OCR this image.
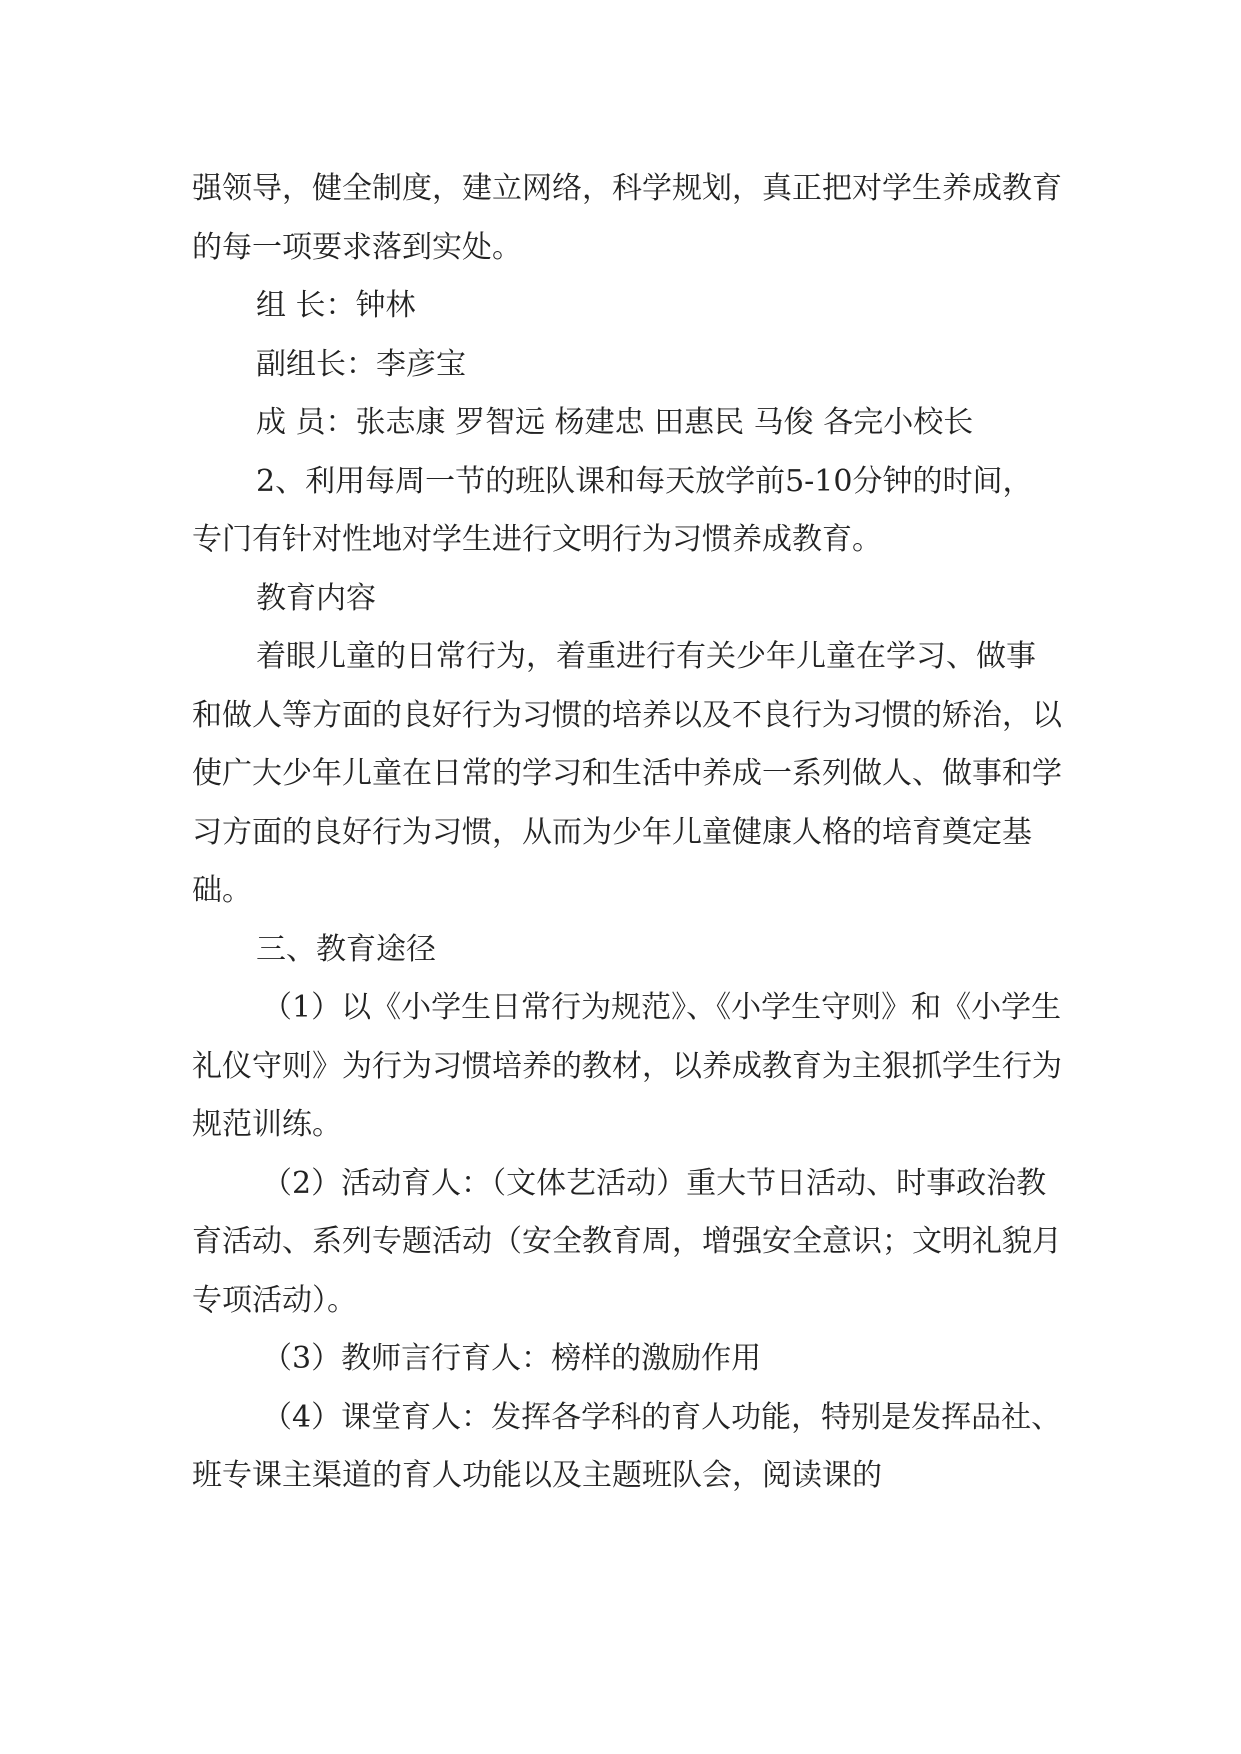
强领导，健全制度，建立网络，科学规划，真正把对学生养成教育的每一项要求落到实处。

组 长：钟林

副组长：李彦宝

成 员：张志康 罗智远 杨建忠 田惠民 马俊 各完小校长

2、利用每周一节的班队课和每天放学前5-10分钟的时间，专门有针对性地对学生进行文明行为习惯养成教育。

教育内容

着眼儿童的日常行为，着重进行有关少年儿童在学习、做事和做人等方面的良好行为习惯的培养以及不良行为习惯的矫治，以使广大少年儿童在日常的学习和生活中养成一系列做人、做事和学习方面的良好行为习惯，从而为少年儿童健康人格的培育奠定基础。

三、教育途径

（1）以《小学生日常行为规范》、《小学生守则》和《小学生礼仪守则》为行为习惯培养的教材，以养成教育为主狠抓学生行为规范训练。

（2）活动育人：（文体艺活动）重大节日活动、时事政治教育活动、系列专题活动（安全教育周，增强安全意识；文明礼貌月专项活动）。

（3）教师言行育人：榜样的激励作用

（4）课堂育人：发挥各学科的育人功能，特别是发挥品社、班专课主渠道的育人功能以及主题班队会，阅读课的
